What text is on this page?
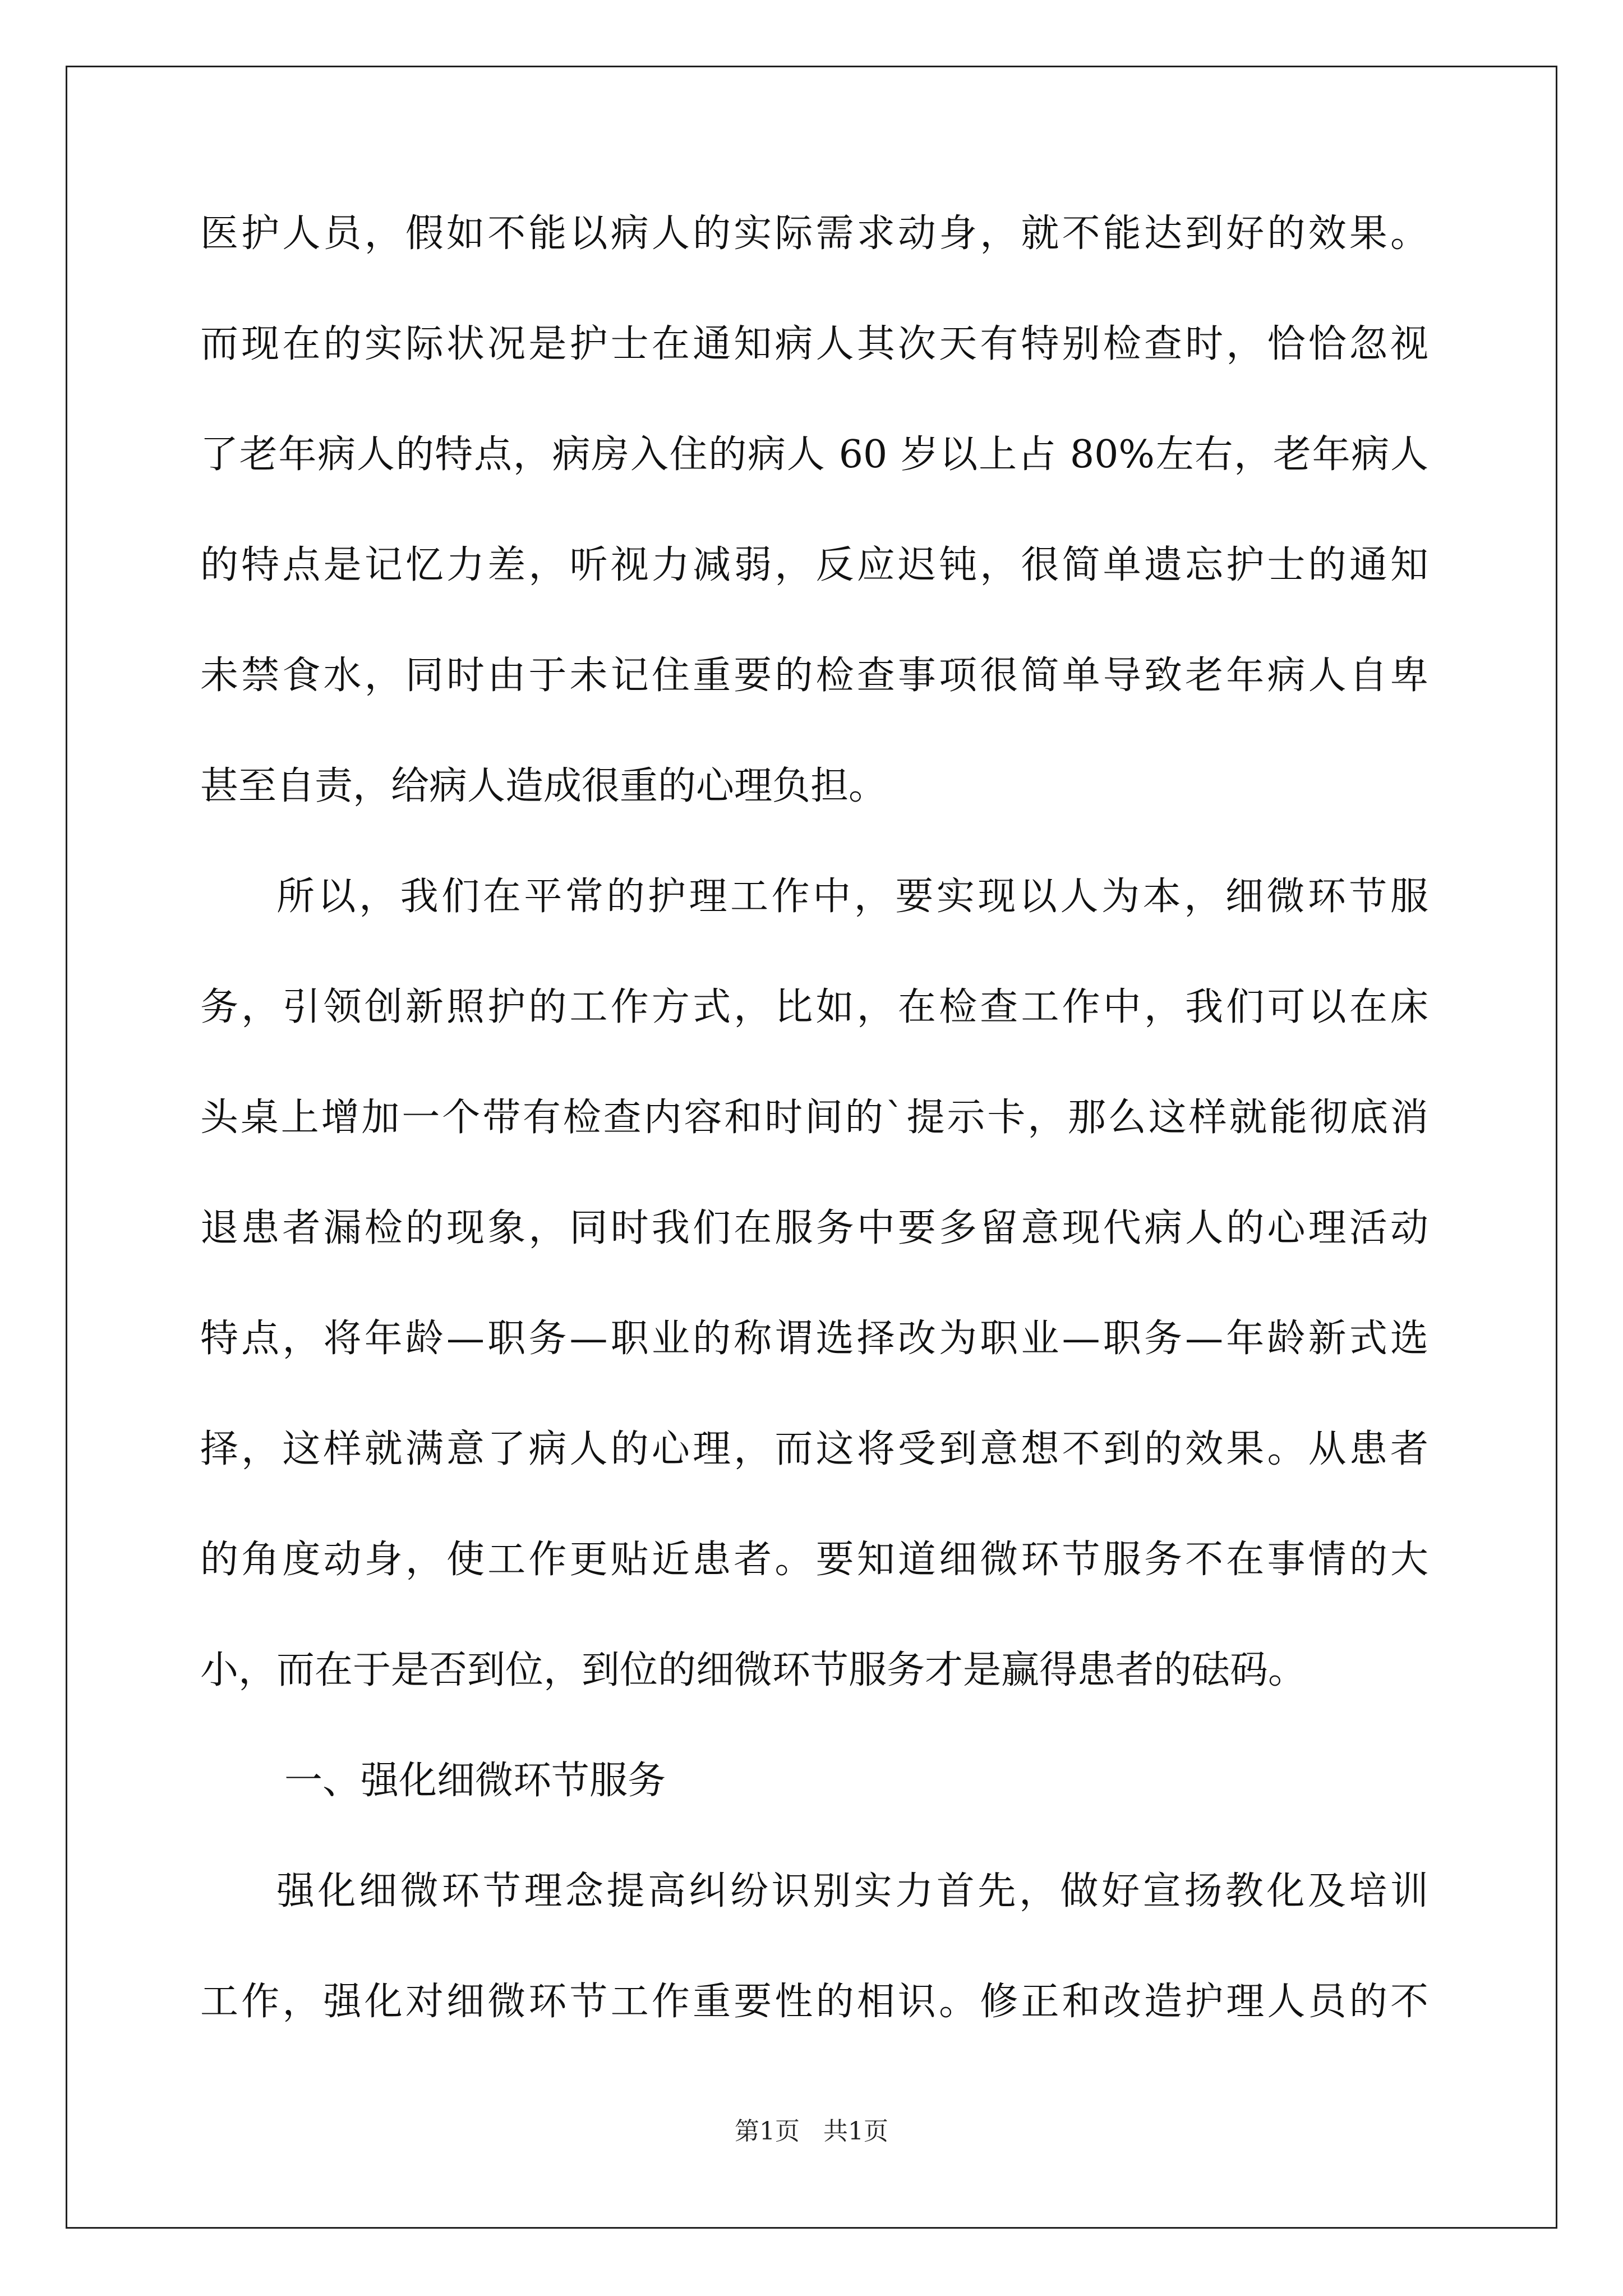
医护人员，假如不能以病人的实际需求动身，就不能达到好的效果。
而现在的实际状况是护士在通知病人其次天有特别检查时，恰恰忽视
了老年病人的特点，病房入住的病人 60 岁以上占 80%左右，老年病人
的特点是记忆力差，听视力减弱，反应迟钝，很简单遗忘护士的通知
未禁食水，同时由于未记住重要的检查事项很简单导致老年病人自卑
甚至自责，给病人造成很重的心理负担。
所以，我们在平常的护理工作中，要实现以人为本，细微环节服
务，引领创新照护的工作方式，比如，在检查工作中，我们可以在床
头桌上增加一个带有检查内容和时间的`提示卡，那么这样就能彻底消
退患者漏检的现象，同时我们在服务中要多留意现代病人的心理活动
特点，将年龄—职务—职业的称谓选择改为职业—职务—年龄新式选
择，这样就满意了病人的心理，而这将受到意想不到的效果。从患者
的角度动身，使工作更贴近患者。要知道细微环节服务不在事情的大
小，而在于是否到位，到位的细微环节服务才是赢得患者的砝码。
一、强化细微环节服务
强化细微环节理念提高纠纷识别实力首先，做好宣扬教化及培训
工作，强化对细微环节工作重要性的相识。修正和改造护理人员的不
第1页 共1页
